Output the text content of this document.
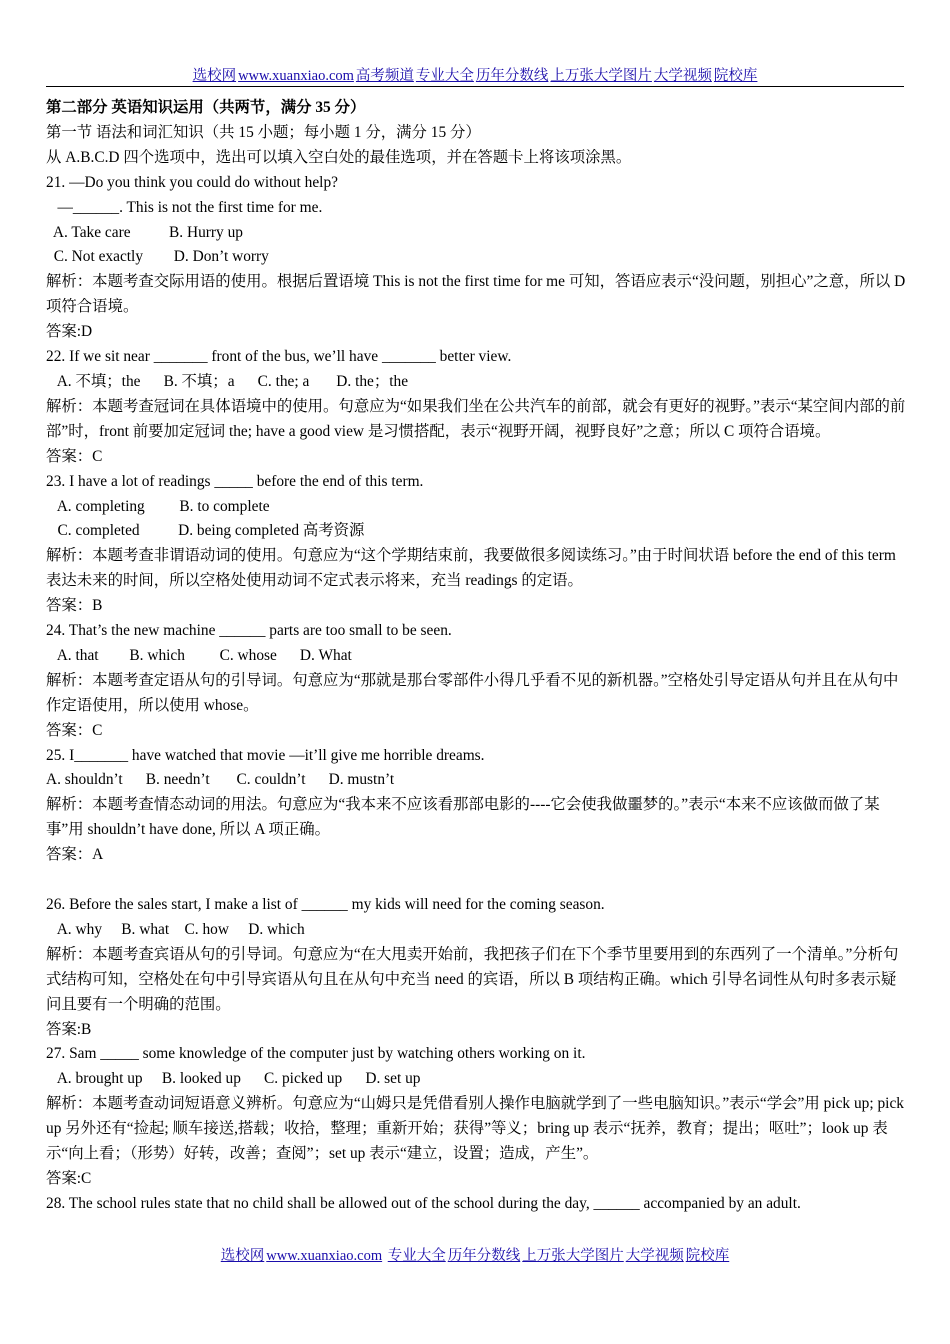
选校网 www.xuanxiao.com 高考频道 专业大全 历年分数线 上万张大学图片 大学视频 院校库
第二部分 英语知识运用（共两节，满分 35 分）
第一节 语法和词汇知识（共 15 小题；每小题 1 分，满分 15 分）
从 A.B.C.D 四个选项中，选出可以填入空白处的最佳选项，并在答题卡上将该项涂黑。
21. —Do you think you could do without help?
—______. This is not the first time for me.
A. Take care          B. Hurry up
C. Not exactly        D. Don’t worry
解析：本题考查交际用语的使用。根据后置语境 This is not the first time for me 可知，答语应表示“没问题，别担心”之意，所以 D 项符合语境。
答案:D
22. If we sit near _______ front of the bus, we’ll have _______ better view.
A. 不填；the      B. 不填；a      C. the; a       D. the；the
解析：本题考查冠词在具体语境中的使用。句意应为“如果我们坐在公共汽车的前部，就会有更好的视野。”表示“某空间内部的前部”时，front 前要加定冠词 the; have a good view 是习惯搭配，表示“视野开阔，视野良好”之意；所以 C 项符合语境。
答案：C
23. I have a lot of readings _____ before the end of this term.
A. completing         B. to complete
C. completed          D. being completed 高考资源
解析：本题考查非谓语动词的使用。句意应为“这个学期结束前，我要做很多阅读练习。”由于时间状语 before the end of this term 表达未来的时间，所以空格处使用动词不定式表示将来，充当 readings 的定语。
答案：B
24. That’s the new machine ______ parts are too small to be seen.
A. that        B. which         C. whose      D. What
解析：本题考查定语从句的引导词。句意应为“那就是那台零部件小得几乎看不见的新机器。”空格处引导定语从句并且在从句中作定语使用，所以使用 whose。
答案：C
25. I_______ have watched that movie —it’ll give me horrible dreams.
A. shouldn’t      B. needn’t       C. couldn’t      D. mustn’t
解析：本题考查情态动词的用法。句意应为“我本来不应该看那部电影的----它会使我做噩梦的。”表示“本来不应该做而做了某事”用 shouldn’t have done, 所以 A 项正确。
答案：A
26. Before the sales start, I make a list of ______ my kids will need for the coming season.
A. why     B. what    C. how     D. which
解析：本题考查宾语从句的引导词。句意应为“在大甩卖开始前，我把孩子们在下个季节里要用到的东西列了一个清单。”分析句式结构可知，空格处在句中引导宾语从句且在从句中充当 need 的宾语，所以 B 项结构正确。which 引导名词性从句时多表示疑问且要有一个明确的范围。
答案:B
27. Sam _____ some knowledge of the computer just by watching others working on it.
A. brought up     B. looked up      C. picked up      D. set up
解析：本题考查动词短语意义辨析。句意应为“山姆只是凭借看别人操作电脑就学到了一些电脑知识。”表示“学会”用 pick up; pick up 另外还有“捡起; 顺车接送,搭载；收拾，整理；重新开始；获得”等义；bring up 表示“抚养，教育；提出；呕吐”；look up 表示“向上看；（形势）好转，改善；查阅”；set up 表示“建立，设置；造成，产生”。
答案:C
28. The school rules state that no child shall be allowed out of the school during the day, ______ accompanied by an adult.
选校网 www.xuanxiao.com 专业大全 历年分数线 上万张大学图片 大学视频 院校库
